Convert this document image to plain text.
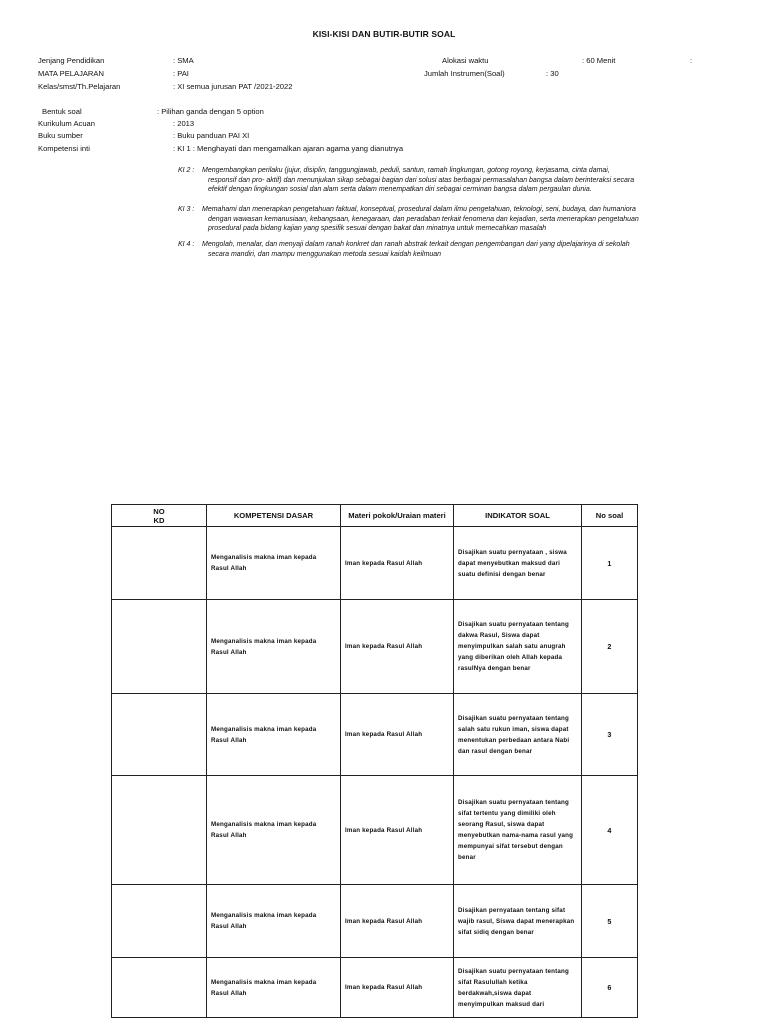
KISI-KISI DAN BUTIR-BUTIR SOAL
Jenjang Pendidikan	: SMA
MATA PELAJARAN	: PAI
Kelas/smst/Th.Pelajaran	: XI semua jurusan PAT /2021-2022
Alokasi waktu	: 60 Menit	:
Jumlah Instrumen(Soal)	: 30
Bentuk soal	: Pilihan ganda dengan 5 option
Kurikulum Acuan	: 2013
Buku sumber	: Buku panduan PAI XI
Kompetensi inti	: KI 1 : Menghayati dan mengamalkan ajaran agama yang dianutnya
KI 2 :	Mengembangkan perilaku (jujur, disiplin, tanggungjawab, peduli, santun, ramah lingkungan, gotong royong, kerjasama, cinta damai,
responsif dan pro- aktif) dan menunjukan sikap sebagai bagian dari solusi atas berbagai permasalahan bangsa dalam berinteraksi secara
efektif dengan lingkungan sosial dan alam serta dalam menempatkan diri sebagai cerminan bangsa dalam pergaulan dunia.
KI 3 :	Memahami dan menerapkan pengetahuan faktual, konseptual, prosedural dalam ilmu pengetahuan, teknologi, seni, budaya, dan humaniora
dengan wawasan kemanusiaan, kebangsaan, kenegaraan, dan peradaban terkait fenomena dan kejadian, serta menerapkan pengetahuan
prosedural pada bidang kajian yang spesifik sesuai dengan bakat dan minatnya untuk memecahkan masalah
KI 4 :	Mengolah, menalar, dan menyaji dalam ranah konkret dan ranah abstrak terkait dengan pengembangan dari yang dipelajarinya di sekolah
secara mandiri, dan mampu menggunakan metoda sesuai kaidah keilmuan
NO
KD	KOMPETENSI DASAR	Materi pokok/Uraian materi	INDIKATOR SOAL	No soal
	Menganalisis makna iman kepada Rasul Allah	Iman kepada Rasul Allah	Disajikan suatu pernyataan , siswa dapat menyebutkan maksud dari suatu definisi dengan benar	1
	Menganalisis makna iman kepada Rasul Allah	Iman kepada Rasul Allah	Disajikan suatu pernyataan tentang dakwa Rasul, Siswa dapat menyimpulkan salah satu anugrah yang diberikan oleh Allah kepada rasulNya dengan benar	2
	Menganalisis makna iman kepada Rasul Allah	Iman kepada Rasul Allah	Disajikan suatu pernyataan tentang salah satu rukun iman, siswa dapat menentukan perbedaan antara Nabi dan rasul dengan benar	3
	Menganalisis makna iman kepada Rasul Allah	Iman kepada Rasul Allah	Disajikan suatu pernyataan tentang sifat tertentu yang dimiliki oleh seorang Rasul, siswa dapat menyebutkan nama-nama rasul yang mempunyai sifat tersebut dengan benar	4
	Menganalisis makna iman kepada Rasul Allah	Iman kepada Rasul Allah	Disajikan pernyataan tentang sifat wajib rasul, Siswa dapat menerapkan sifat sidiq dengan benar	5
	Menganalisis makna iman kepada Rasul Allah	Iman kepada Rasul Allah	Disajikan suatu pernyataan tentang sifat Rasulullah ketika berdakwah,siswa dapat menyimpulkan maksud dari	6
